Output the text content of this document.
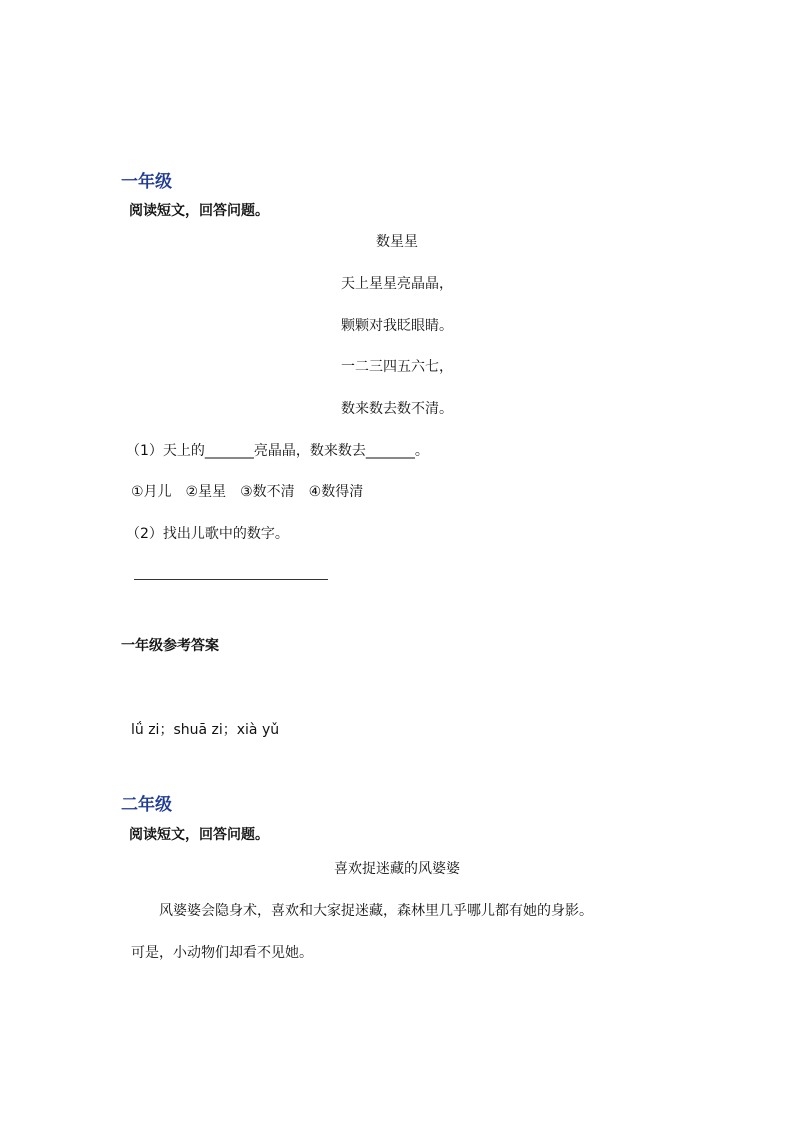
一年级
阅读短文，回答问题。
数星星
天上星星亮晶晶，
颗颗对我眨眼睛。
一二三四五六七，
数来数去数不清。
（1）天上的_______亮晶晶，数来数去_______。
①月儿　②星星　③数不清　④数得清
（2）找出儿歌中的数字。
一年级参考答案
lǘ zi；shuā zi；xià yǔ
二年级
阅读短文，回答问题。
喜欢捉迷藏的风婆婆
风婆婆会隐身术，喜欢和大家捉迷藏，森林里几乎哪儿都有她的身影。
可是，小动物们却看不见她。
